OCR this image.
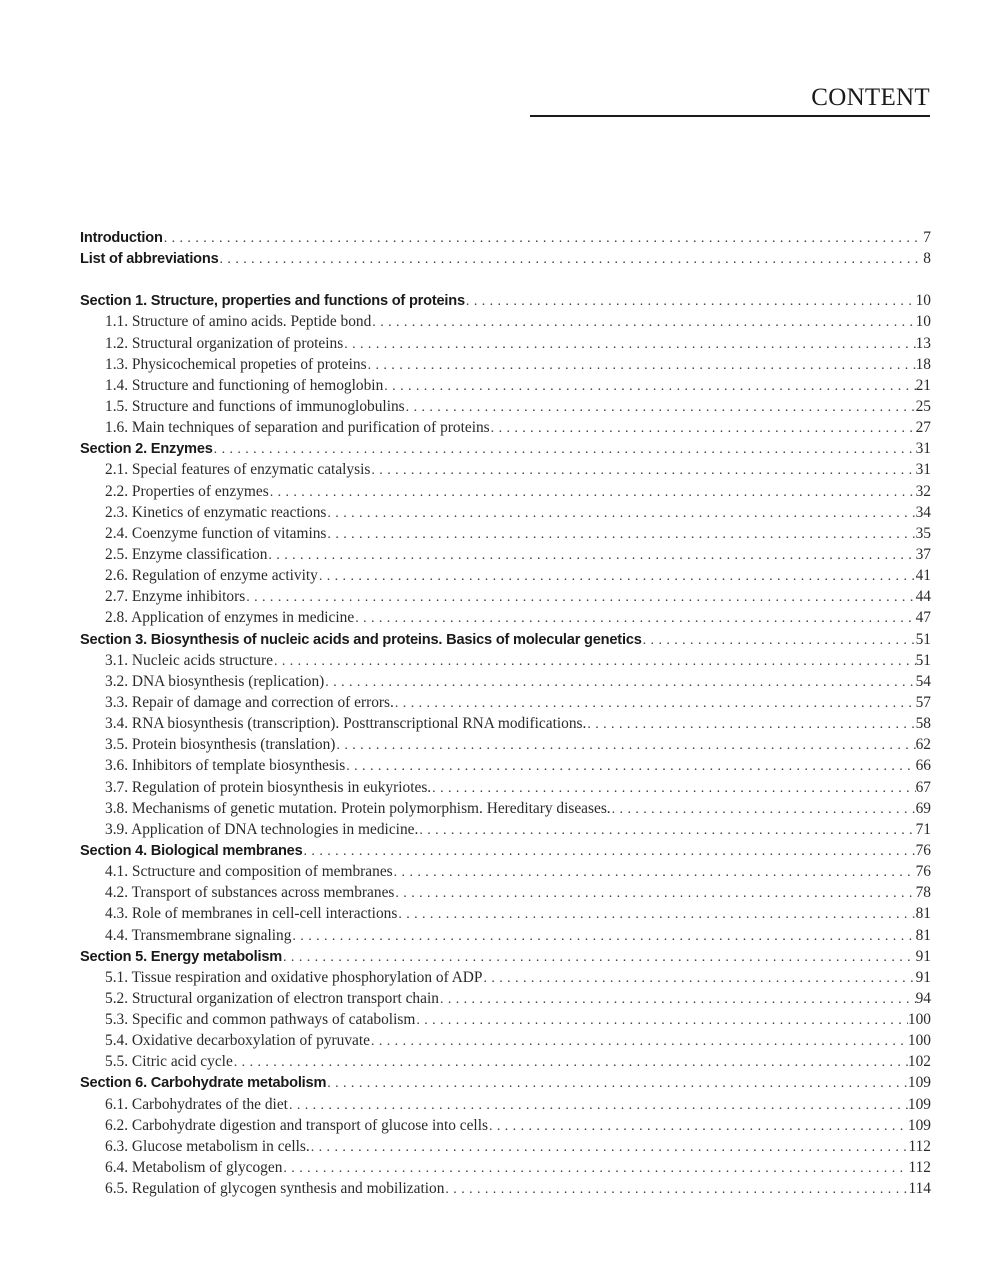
CONTENT
Introduction .....	7
List of abbreviations .....	8
Section 1. Structure, properties and functions of proteins .....	10
1.1. Structure of amino acids. Peptide bond .....	10
1.2. Structural organization of proteins .....	13
1.3. Physicochemical propeties of proteins .....	18
1.4. Structure and functioning of hemoglobin .....	21
1.5. Structure and functions of immunoglobulins .....	25
1.6. Main techniques of separation and purification of proteins .....	27
Section 2. Enzymes .....	31
2.1. Special features of enzymatic catalysis .....	31
2.2. Properties of enzymes .....	32
2.3. Kinetics of enzymatic reactions .....	34
2.4. Coenzyme function of vitamins .....	35
2.5. Enzyme classification .....	37
2.6. Regulation of enzyme activity .....	41
2.7. Enzyme inhibitors .....	44
2.8. Application of enzymes in medicine .....	47
Section 3. Biosynthesis of nucleic acids and proteins. Basics of molecular genetics .....	51
3.1. Nucleic acids structure .....	51
3.2. DNA biosynthesis (replication) .....	54
3.3. Repair of damage and correction of errors. .....	57
3.4. RNA biosynthesis (transcription). Posttranscriptional RNA modifications. .....	58
3.5. Protein biosynthesis (translation) .....	62
3.6. Inhibitors of template biosynthesis .....	66
3.7. Regulation of protein biosynthesis in eukyriotes. .....	67
3.8. Mechanisms of genetic mutation. Protein polymorphism. Hereditary diseases. .....	69
3.9. Application of DNA technologies in medicine. .....	71
Section 4. Biological membranes .....	76
4.1. Sctructure and composition of membranes .....	76
4.2. Transport of substances across membranes .....	78
4.3. Role of membranes in cell-cell interactions .....	81
4.4. Transmembrane signaling .....	81
Section 5. Energy metabolism .....	91
5.1. Tissue respiration and oxidative phosphorylation of ADP .....	91
5.2. Structural organization of electron transport chain .....	94
5.3. Specific and common pathways of catabolism .....	100
5.4. Oxidative decarboxylation of pyruvate .....	100
5.5. Citric acid cycle .....	102
Section 6. Carbohydrate metabolism .....	109
6.1. Carbohydrates of the diet .....	109
6.2. Carbohydrate digestion and transport of glucose into cells .....	109
6.3. Glucose metabolism in cells. .....	112
6.4. Metabolism of glycogen .....	112
6.5. Regulation of glycogen synthesis and mobilization .....	114
